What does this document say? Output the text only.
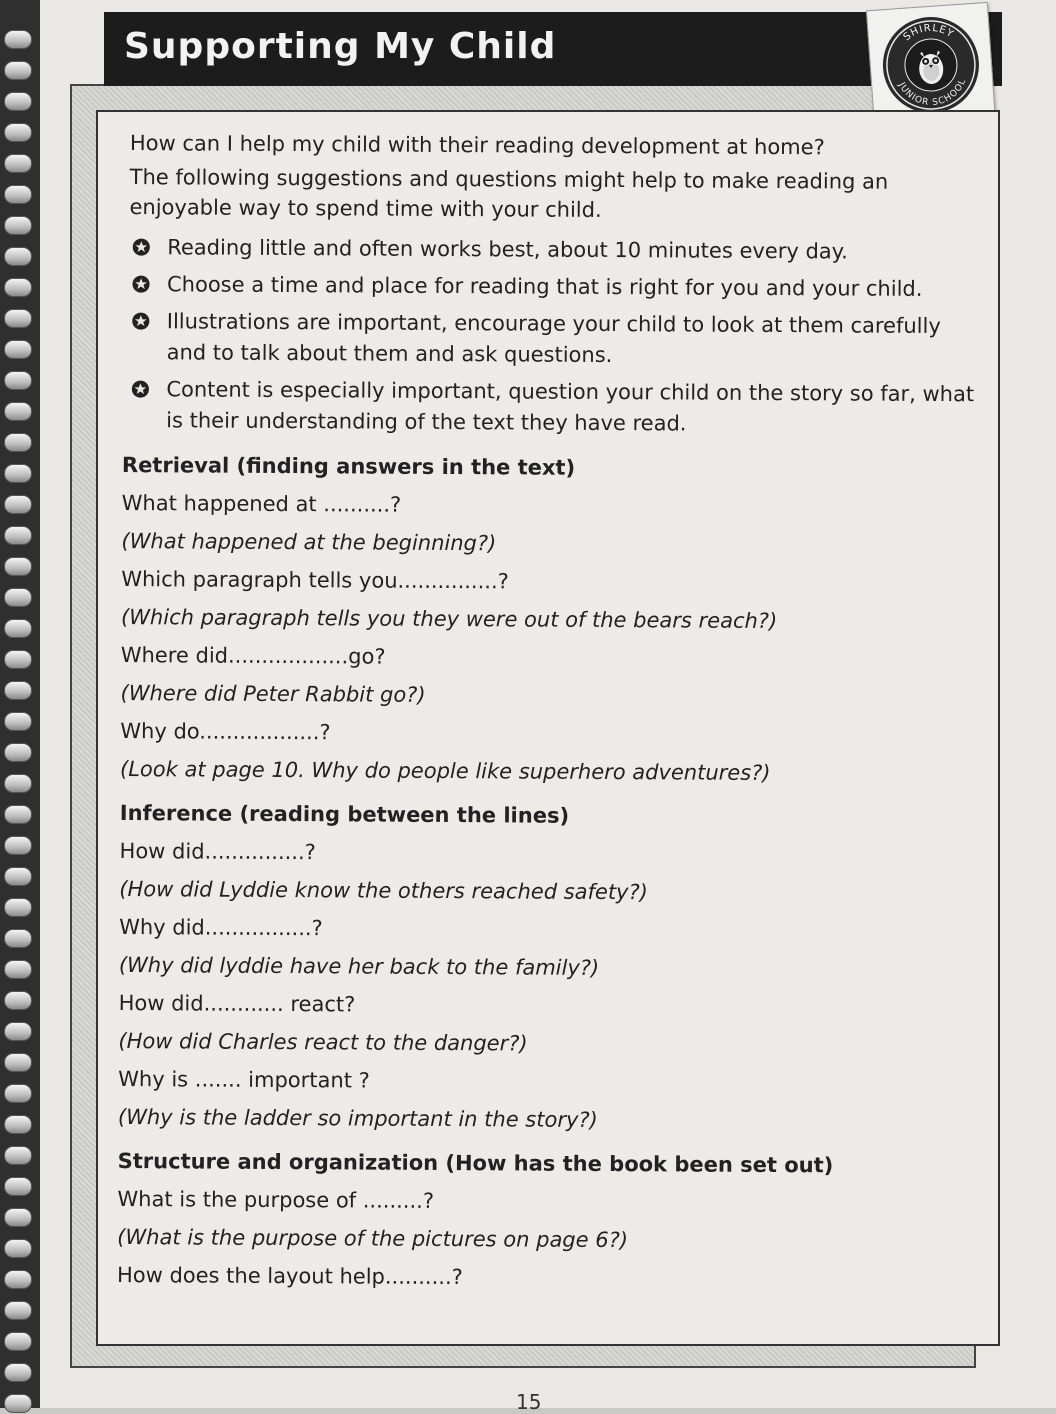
Supporting My Child	SHIRLEY
JUNIOR SCHOOL

How can I help my child with their reading development at home?

The following suggestions and questions might help to make reading an enjoyable way to spend time with your child.

Reading little and often works best, about 10 minutes every day.
Choose a time and place for reading that is right for you and your child.
Illustrations are important, encourage your child to look at them carefully and to talk about them and ask questions.
Content is especially important, question your child on the story so far, what is their understanding of the text they have read.
Retrieval (finding answers in the text)

What happened at ..........?

(What happened at the beginning?)

Which paragraph tells you...............?

(Which paragraph tells you they were out of the bears reach?)

Where did..................go?

(Where did Peter Rabbit go?)

Why do..................?

(Look at page 10. Why do people like superhero adventures?)

Inference (reading between the lines)

How did...............?

(How did Lyddie know the others reached safety?)

Why did................?

(Why did lyddie have her back to the family?)

How did............ react?

(How did Charles react to the danger?)

Why is ....... important ?

(Why is the ladder so important in the story?)

Structure and organization (How has the book been set out)

What is the purpose of .........?

(What is the purpose of the pictures on page 6?)

How does the layout help..........?

15
